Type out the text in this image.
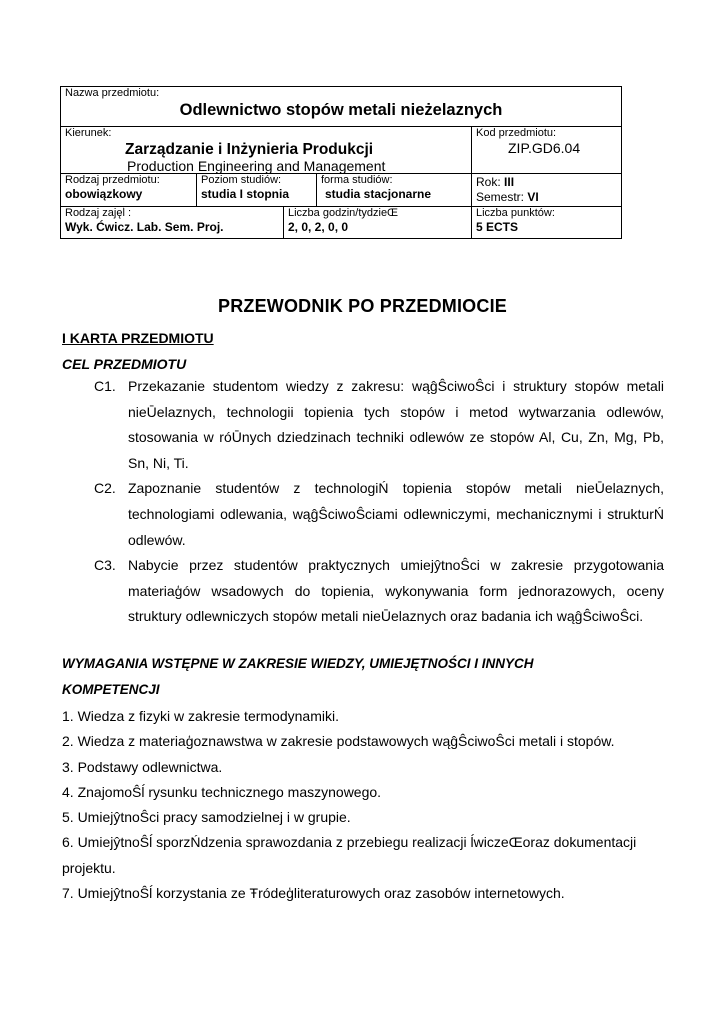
Nazwa przedmiotu:
Odlewnictwo stopów metali nieżelaznych
Kierunek:
Zarządzanie i Inżynieria Produkcji
Production Engineering and Management
Kod przedmiotu:
ZIP.GD6.04
Rodzaj przedmiotu:
obowiązkowy
Poziom studiów:
studia I stopnia
forma studiów:
studia stacjonarne
Rok: III
Semestr: VI
Rodzaj zajęĺ :
Wyk. Ćwicz. Lab. Sem. Proj.
Liczba godzin/tydzieŒ
2, 0, 2, 0, 0
Liczba punktów:
5 ECTS
PRZEWODNIK PO PRZEDMIOCIE
I KARTA PRZEDMIOTU
CEL PRZEDMIOTU
C1. Przekazanie studentom wiedzy z zakresu: wąĝŜciwoŜci i struktury stopów metali nieŪelaznych, technologii topienia tych stopów i metod wytwarzania odlewów, stosowania w róŪnych dziedzinach techniki odlewów ze stopów Al, Cu, Zn, Mg, Pb, Sn, Ni, Ti.
C2. Zapoznanie studentów z technologiŃ topienia stopów metali nieŪelaznych, technologiami odlewania, wąĝŜciwoŜciami odlewniczymi, mechanicznymi i strukturŃ odlewów.
C3. Nabycie przez studentów praktycznych umiejŷtnoŜci w zakresie przygotowania materiaģów wsadowych do topienia, wykonywania form jednorazowych, oceny struktury odlewniczych stopów metali nieŪelaznych oraz badania ich wąĝŜciwoŜci.
WYMAGANIA WSTĘPNE W ZAKRESIE WIEDZY, UMIEJĘTNOŚCI I INNYCH
KOMPETENCJI
1. Wiedza z fizyki w zakresie termodynamiki.
2. Wiedza z materiaģoznawstwa w zakresie podstawowych wąĝŜciwoŜci metali i stopów.
3. Podstawy odlewnictwa.
4. ZnajomoŜĺ rysunku technicznego maszynowego.
5. UmiejŷtnoŜci pracy samodzielnej i w grupie.
6. UmiejŷtnoŜĺ sporzŃdzenia sprawozdania z przebiegu realizacji ĺwiczeŒoraz dokumentacji projektu.
7. UmiejŷtnoŜĺ korzystania ze Ŧródeģliteraturowych oraz zasobów internetowych.
